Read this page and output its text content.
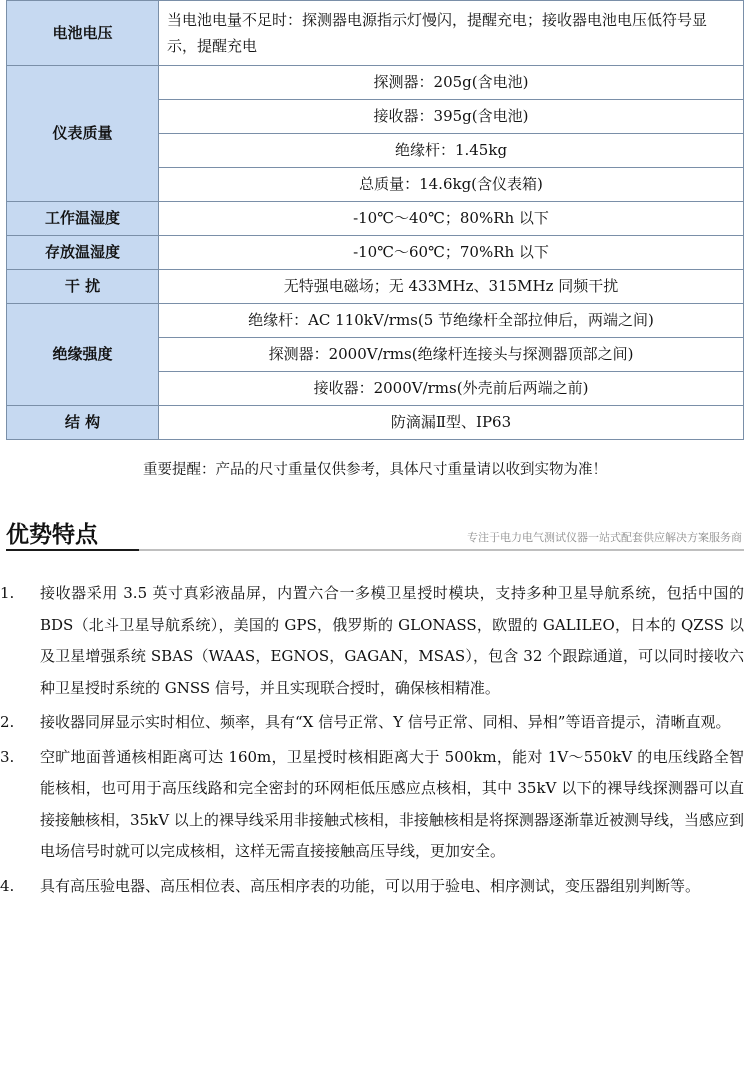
电池电压	当电池电量不足时：探测器电源指示灯慢闪，提醒充电；接收器电池电压低符号显示，提醒充电
仪表质量	探测器：205g(含电池)
	接收器：395g(含电池)
	绝缘杆：1.45kg
	总质量：14.6kg(含仪表箱)
工作温湿度	-10℃～40℃；80%Rh 以下
存放温湿度	-10℃～60℃；70%Rh 以下
干 扰	无特强电磁场；无 433MHz、315MHz 同频干扰
绝缘强度	绝缘杆：AC 110kV/rms(5 节绝缘杆全部拉伸后，两端之间)
	探测器：2000V/rms(绝缘杆连接头与探测器顶部之间)
	接收器：2000V/rms(外壳前后两端之前)
结 构	防滴漏Ⅱ型、IP63
重要提醒：产品的尺寸重量仅供参考，具体尺寸重量请以收到实物为准！
优势特点	专注于电力电气测试仪器一站式配套供应解决方案服务商
1.	接收器采用 3.5 英寸真彩液晶屏，内置六合一多模卫星授时模块，支持多种卫星导航系统，包括中国的 BDS（北斗卫星导航系统），美国的 GPS，俄罗斯的 GLONASS，欧盟的 GALILEO，日本的 QZSS 以及卫星增强系统 SBAS（WAAS，EGNOS，GAGAN，MSAS），包含 32 个跟踪通道，可以同时接收六种卫星授时系统的 GNSS 信号，并且实现联合授时，确保核相精准。
2.	接收器同屏显示实时相位、频率，具有“X 信号正常、Y 信号正常、同相、异相”等语音提示，清晰直观。
3.	空旷地面普通核相距离可达 160m，卫星授时核相距离大于 500km，能对 1V～550kV 的电压线路全智能核相，也可用于高压线路和完全密封的环网柜低压感应点核相，其中 35kV 以下的裸导线探测器可以直接接触核相，35kV 以上的裸导线采用非接触式核相，非接触核相是将探测器逐渐靠近被测导线，当感应到电场信号时就可以完成核相，这样无需直接接触高压导线，更加安全。
4.	具有高压验电器、高压相位表、高压相序表的功能，可以用于验电、相序测试，变压器组别判断等。
